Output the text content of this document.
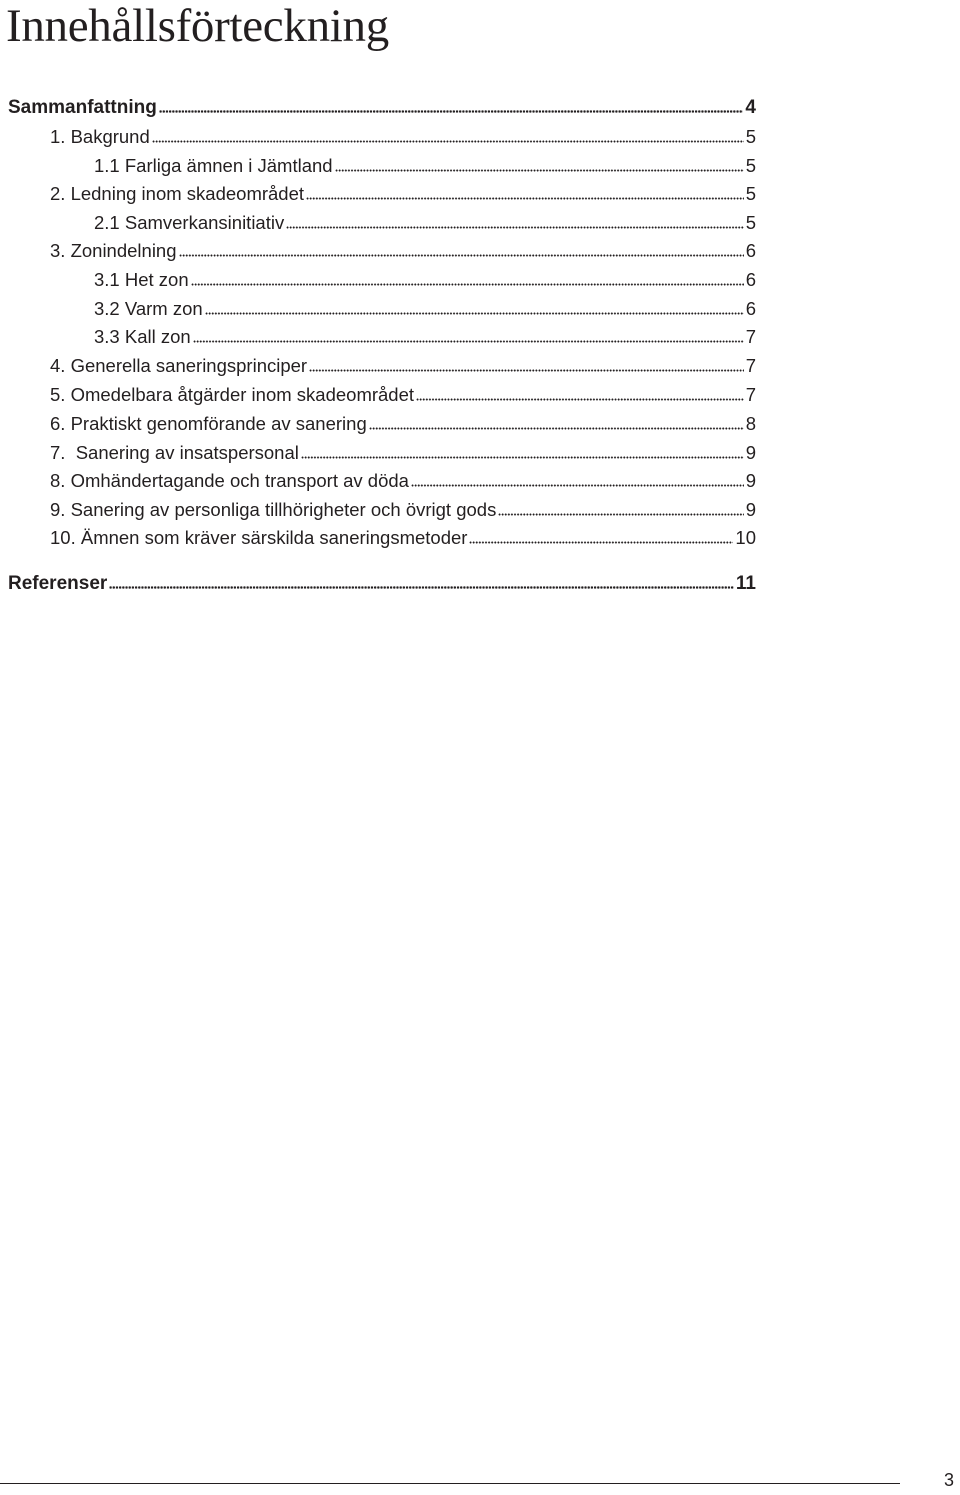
Innehållsförteckning
Sammanfattning	4
1. Bakgrund	5
1.1 Farliga ämnen i Jämtland	5
2. Ledning inom skadeområdet	5
2.1 Samverkansinitiativ	5
3. Zonindelning	6
3.1 Het zon	6
3.2 Varm zon	6
3.3 Kall zon	7
4. Generella saneringsprinciper	7
5. Omedelbara åtgärder inom skadeområdet	7
6. Praktiskt genomförande av sanering	8
7.  Sanering av insatspersonal	9
8. Omhändertagande och transport av döda	9
9. Sanering av personliga tillhörigheter och övrigt gods	9
10. Ämnen som kräver särskilda saneringsmetoder	10
Referenser	11
3
